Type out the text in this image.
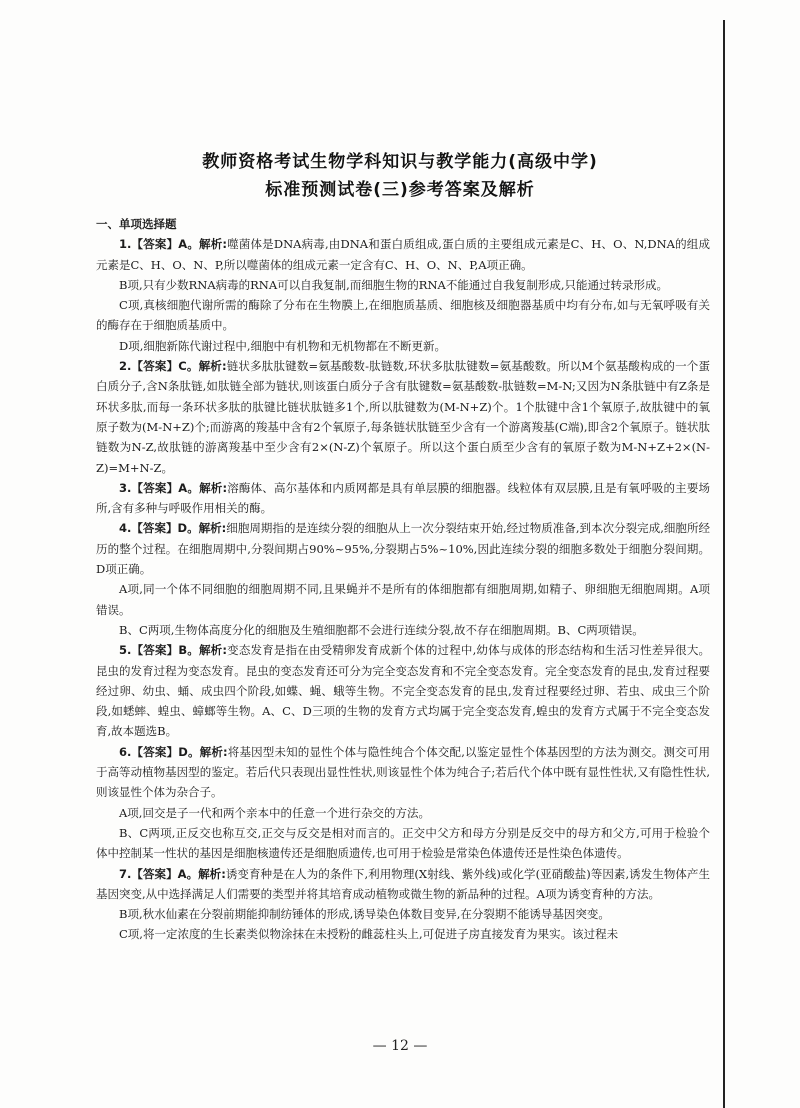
教师资格考试生物学科知识与教学能力(高级中学)
标准预测试卷(三)参考答案及解析

一、单项选择题

1.【答案】A。解析:噬菌体是DNA病毒,由DNA和蛋白质组成,蛋白质的主要组成元素是C、H、O、N,DNA的组成元素是C、H、O、N、P,所以噬菌体的组成元素一定含有C、H、O、N、P,A项正确。

B项,只有少数RNA病毒的RNA可以自我复制,而细胞生物的RNA不能通过自我复制形成,只能通过转录形成。

C项,真核细胞代谢所需的酶除了分布在生物膜上,在细胞质基质、细胞核及细胞器基质中均有分布,如与无氧呼吸有关的酶存在于细胞质基质中。

D项,细胞新陈代谢过程中,细胞中有机物和无机物都在不断更新。

2.【答案】C。解析:链状多肽肽键数=氨基酸数-肽链数,环状多肽肽键数=氨基酸数。所以M个氨基酸构成的一个蛋白质分子,含N条肽链,如肽链全部为链状,则该蛋白质分子含有肽键数=氨基酸数-肽链数=M-N;又因为N条肽链中有Z条是环状多肽,而每一条环状多肽的肽键比链状肽链多1个,所以肽键数为(M-N+Z)个。1个肽键中含1个氧原子,故肽键中的氧原子数为(M-N+Z)个;而游离的羧基中含有2个氧原子,每条链状肽链至少含有一个游离羧基(C端),即含2个氧原子。链状肽链数为N-Z,故肽链的游离羧基中至少含有2×(N-Z)个氧原子。所以这个蛋白质至少含有的氧原子数为M-N+Z+2×(N-Z)=M+N-Z。

3.【答案】A。解析:溶酶体、高尔基体和内质网都是具有单层膜的细胞器。线粒体有双层膜,且是有氧呼吸的主要场所,含有多种与呼吸作用相关的酶。

4.【答案】D。解析:细胞周期指的是连续分裂的细胞从上一次分裂结束开始,经过物质准备,到本次分裂完成,细胞所经历的整个过程。在细胞周期中,分裂间期占90%~95%,分裂期占5%~10%,因此连续分裂的细胞多数处于细胞分裂间期。D项正确。

A项,同一个体不同细胞的细胞周期不同,且果蝇并不是所有的体细胞都有细胞周期,如精子、卵细胞无细胞周期。A项错误。

B、C两项,生物体高度分化的细胞及生殖细胞都不会进行连续分裂,故不存在细胞周期。B、C两项错误。

5.【答案】B。解析:变态发育是指在由受精卵发育成新个体的过程中,幼体与成体的形态结构和生活习性差异很大。昆虫的发育过程为变态发育。昆虫的变态发育还可分为完全变态发育和不完全变态发育。完全变态发育的昆虫,发育过程要经过卵、幼虫、蛹、成虫四个阶段,如蝶、蝇、蛾等生物。不完全变态发育的昆虫,发育过程要经过卵、若虫、成虫三个阶段,如蟋蟀、蝗虫、蟑螂等生物。A、C、D三项的生物的发育方式均属于完全变态发育,蝗虫的发育方式属于不完全变态发育,故本题选B。

6.【答案】D。解析:将基因型未知的显性个体与隐性纯合个体交配,以鉴定显性个体基因型的方法为测交。测交可用于高等动植物基因型的鉴定。若后代只表现出显性性状,则该显性个体为纯合子;若后代个体中既有显性性状,又有隐性性状,则该显性个体为杂合子。

A项,回交是子一代和两个亲本中的任意一个进行杂交的方法。

B、C两项,正反交也称互交,正交与反交是相对而言的。正交中父方和母方分别是反交中的母方和父方,可用于检验个体中控制某一性状的基因是细胞核遗传还是细胞质遗传,也可用于检验是常染色体遗传还是性染色体遗传。

7.【答案】A。解析:诱变育种是在人为的条件下,利用物理(X射线、紫外线)或化学(亚硝酸盐)等因素,诱发生物体产生基因突变,从中选择满足人们需要的类型并将其培育成动植物或微生物的新品种的过程。A项为诱变育种的方法。

B项,秋水仙素在分裂前期能抑制纺锤体的形成,诱导染色体数目变异,在分裂期不能诱导基因突变。

C项,将一定浓度的生长素类似物涂抹在未授粉的雌蕊柱头上,可促进子房直接发育为果实。该过程未

— 12 —
